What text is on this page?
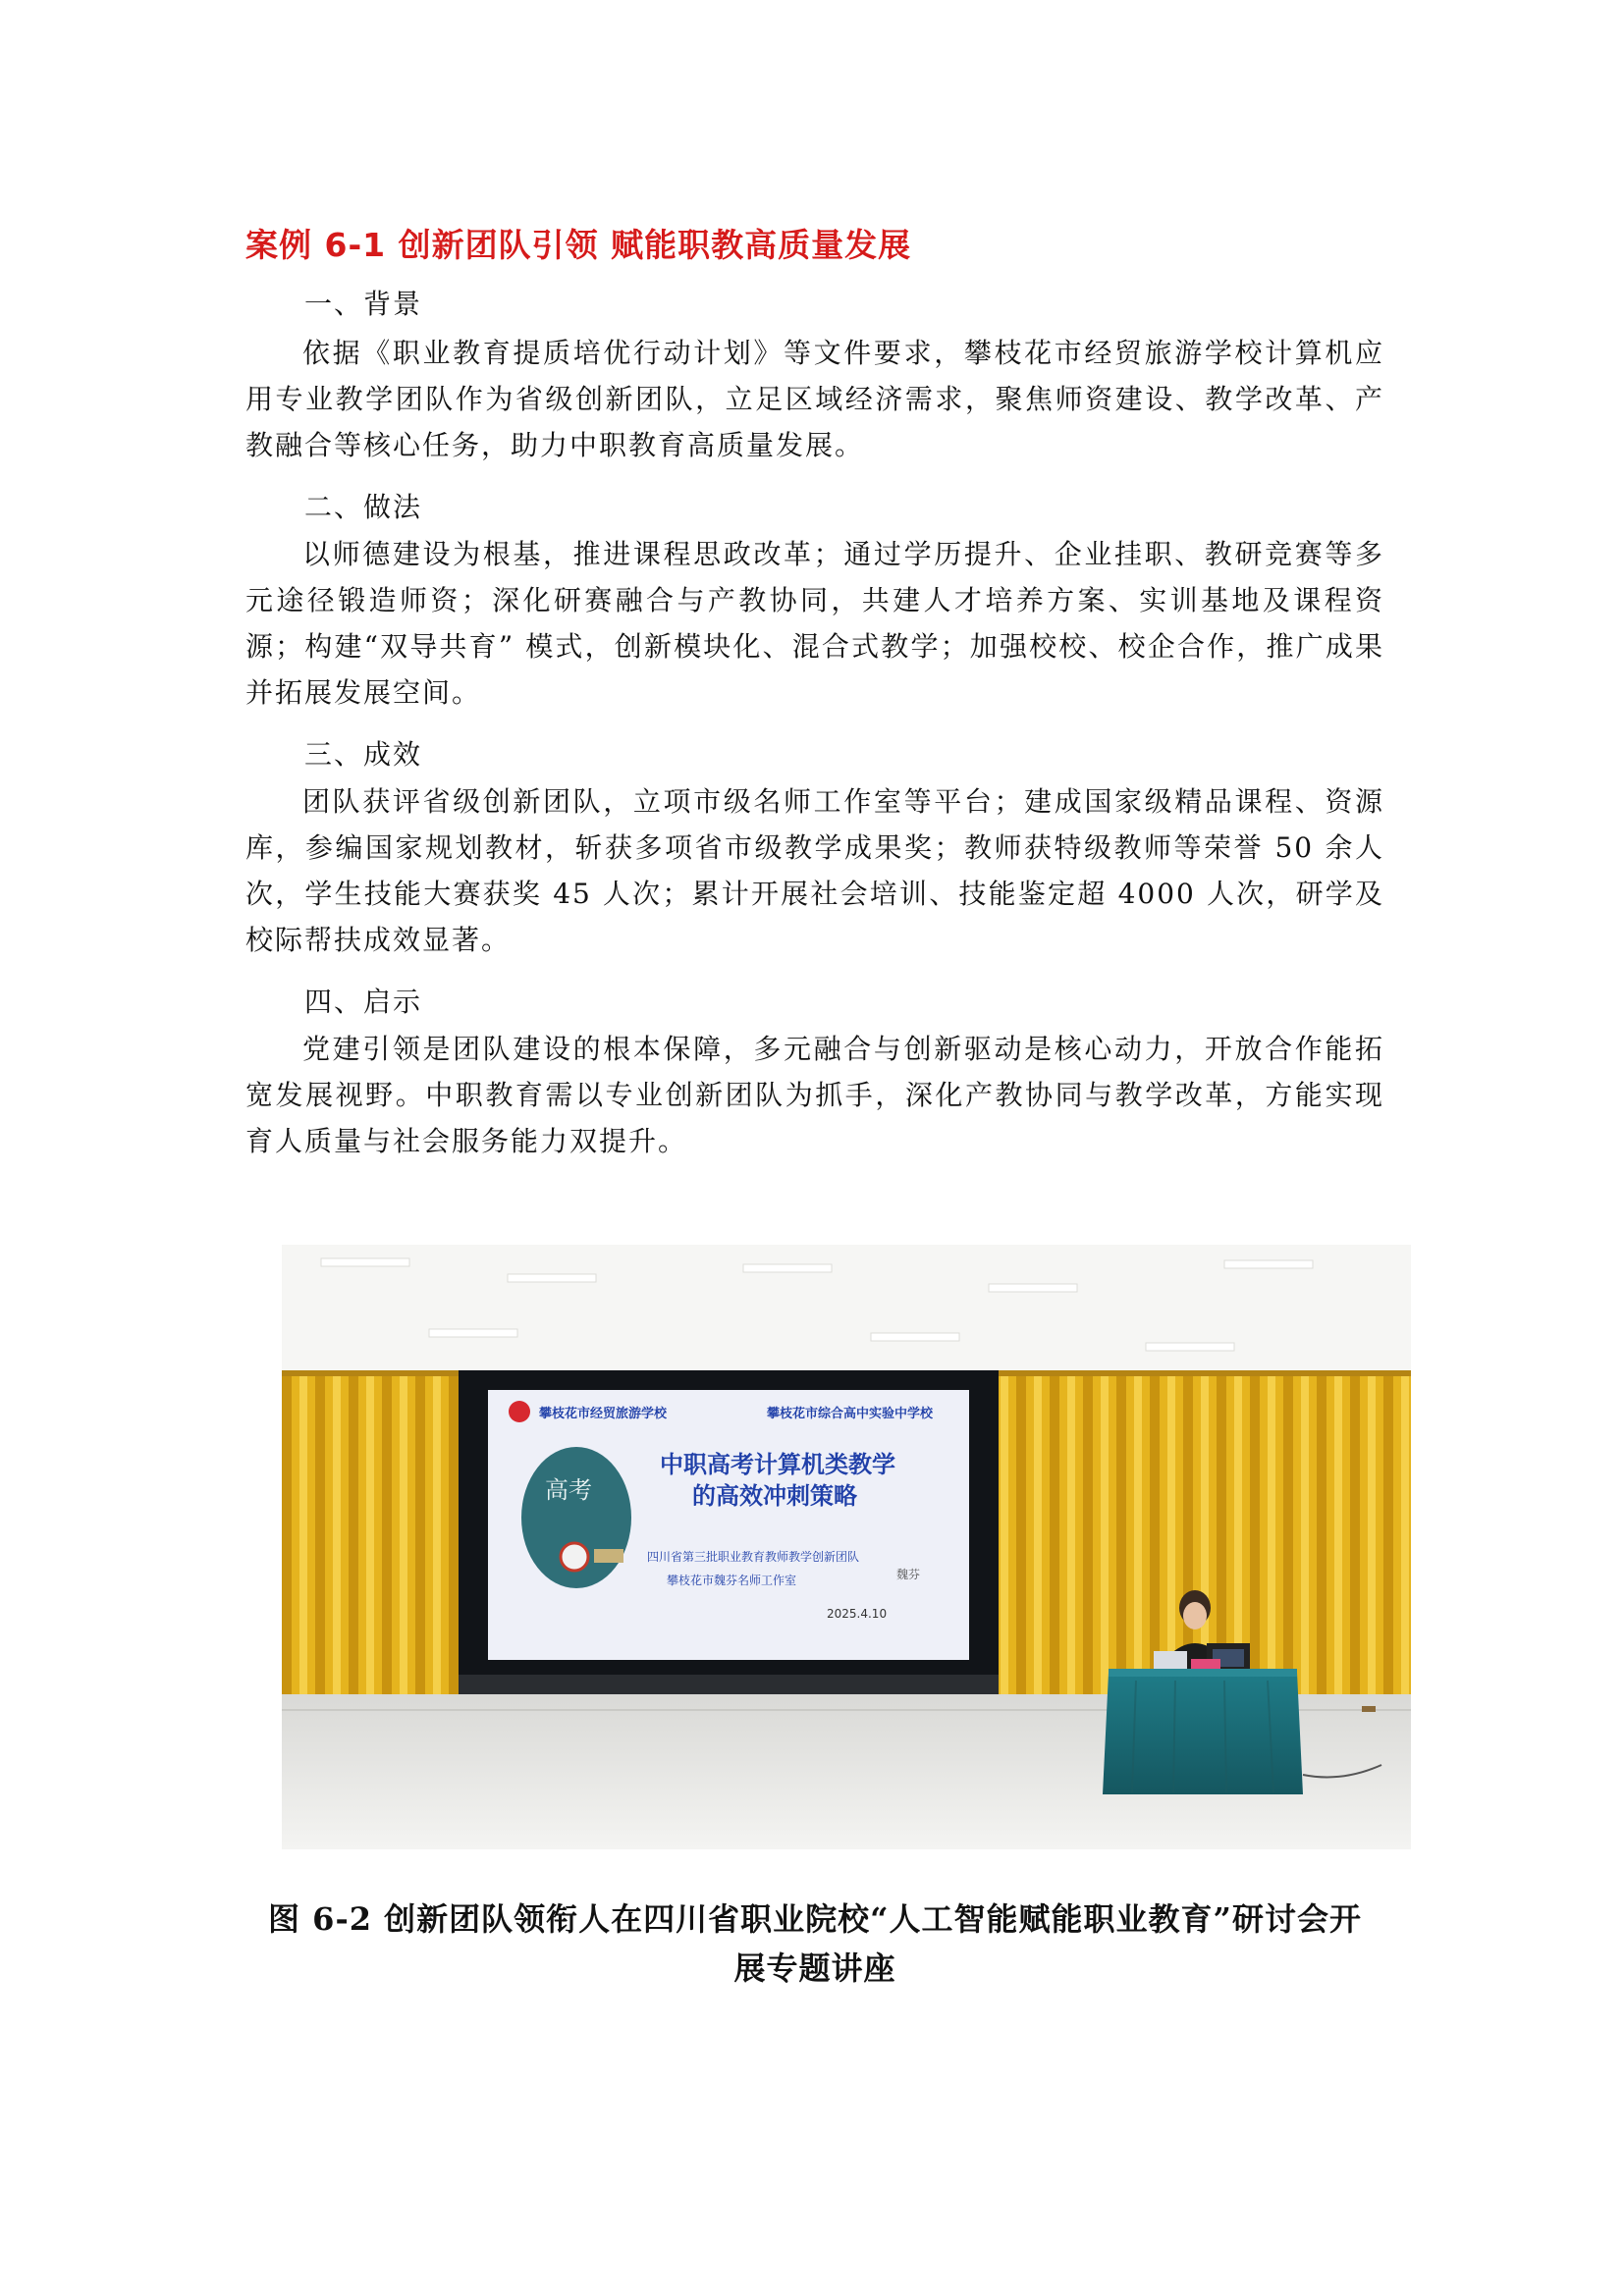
案例 6-1 创新团队引领 赋能职教高质量发展
一、背景

依据《职业教育提质培优行动计划》等文件要求，攀枝花市经贸旅游学校计算机应用专业教学团队作为省级创新团队，立足区域经济需求，聚焦师资建设、教学改革、产教融合等核心任务，助力中职教育高质量发展。

二、做法

以师德建设为根基，推进课程思政改革；通过学历提升、企业挂职、教研竞赛等多元途径锻造师资；深化研赛融合与产教协同，共建人才培养方案、实训基地及课程资源；构建“双导共育” 模式，创新模块化、混合式教学；加强校校、校企合作，推广成果并拓展发展空间。

三、成效

团队获评省级创新团队，立项市级名师工作室等平台；建成国家级精品课程、资源库，参编国家规划教材，斩获多项省市级教学成果奖；教师获特级教师等荣誉 50 余人次，学生技能大赛获奖 45 人次；累计开展社会培训、技能鉴定超 4000 人次，研学及校际帮扶成效显著。

四、启示

党建引领是团队建设的根本保障，多元融合与创新驱动是核心动力，开放合作能拓宽发展视野。中职教育需以专业创新团队为抓手，深化产教协同与教学改革，方能实现育人质量与社会服务能力双提升。

攀枝花市经贸旅游学校	攀枝花市综合高中实验中学校
高考
中职高考计算机类教学
的高效冲刺策略
四川省第三批职业教育教师教学创新团队
攀枝花市魏芬名师工作室	魏芬
2025.4.10
图 6-2 创新团队领衔人在四川省职业院校“人工智能赋能职业教育”研讨会开
展专题讲座
